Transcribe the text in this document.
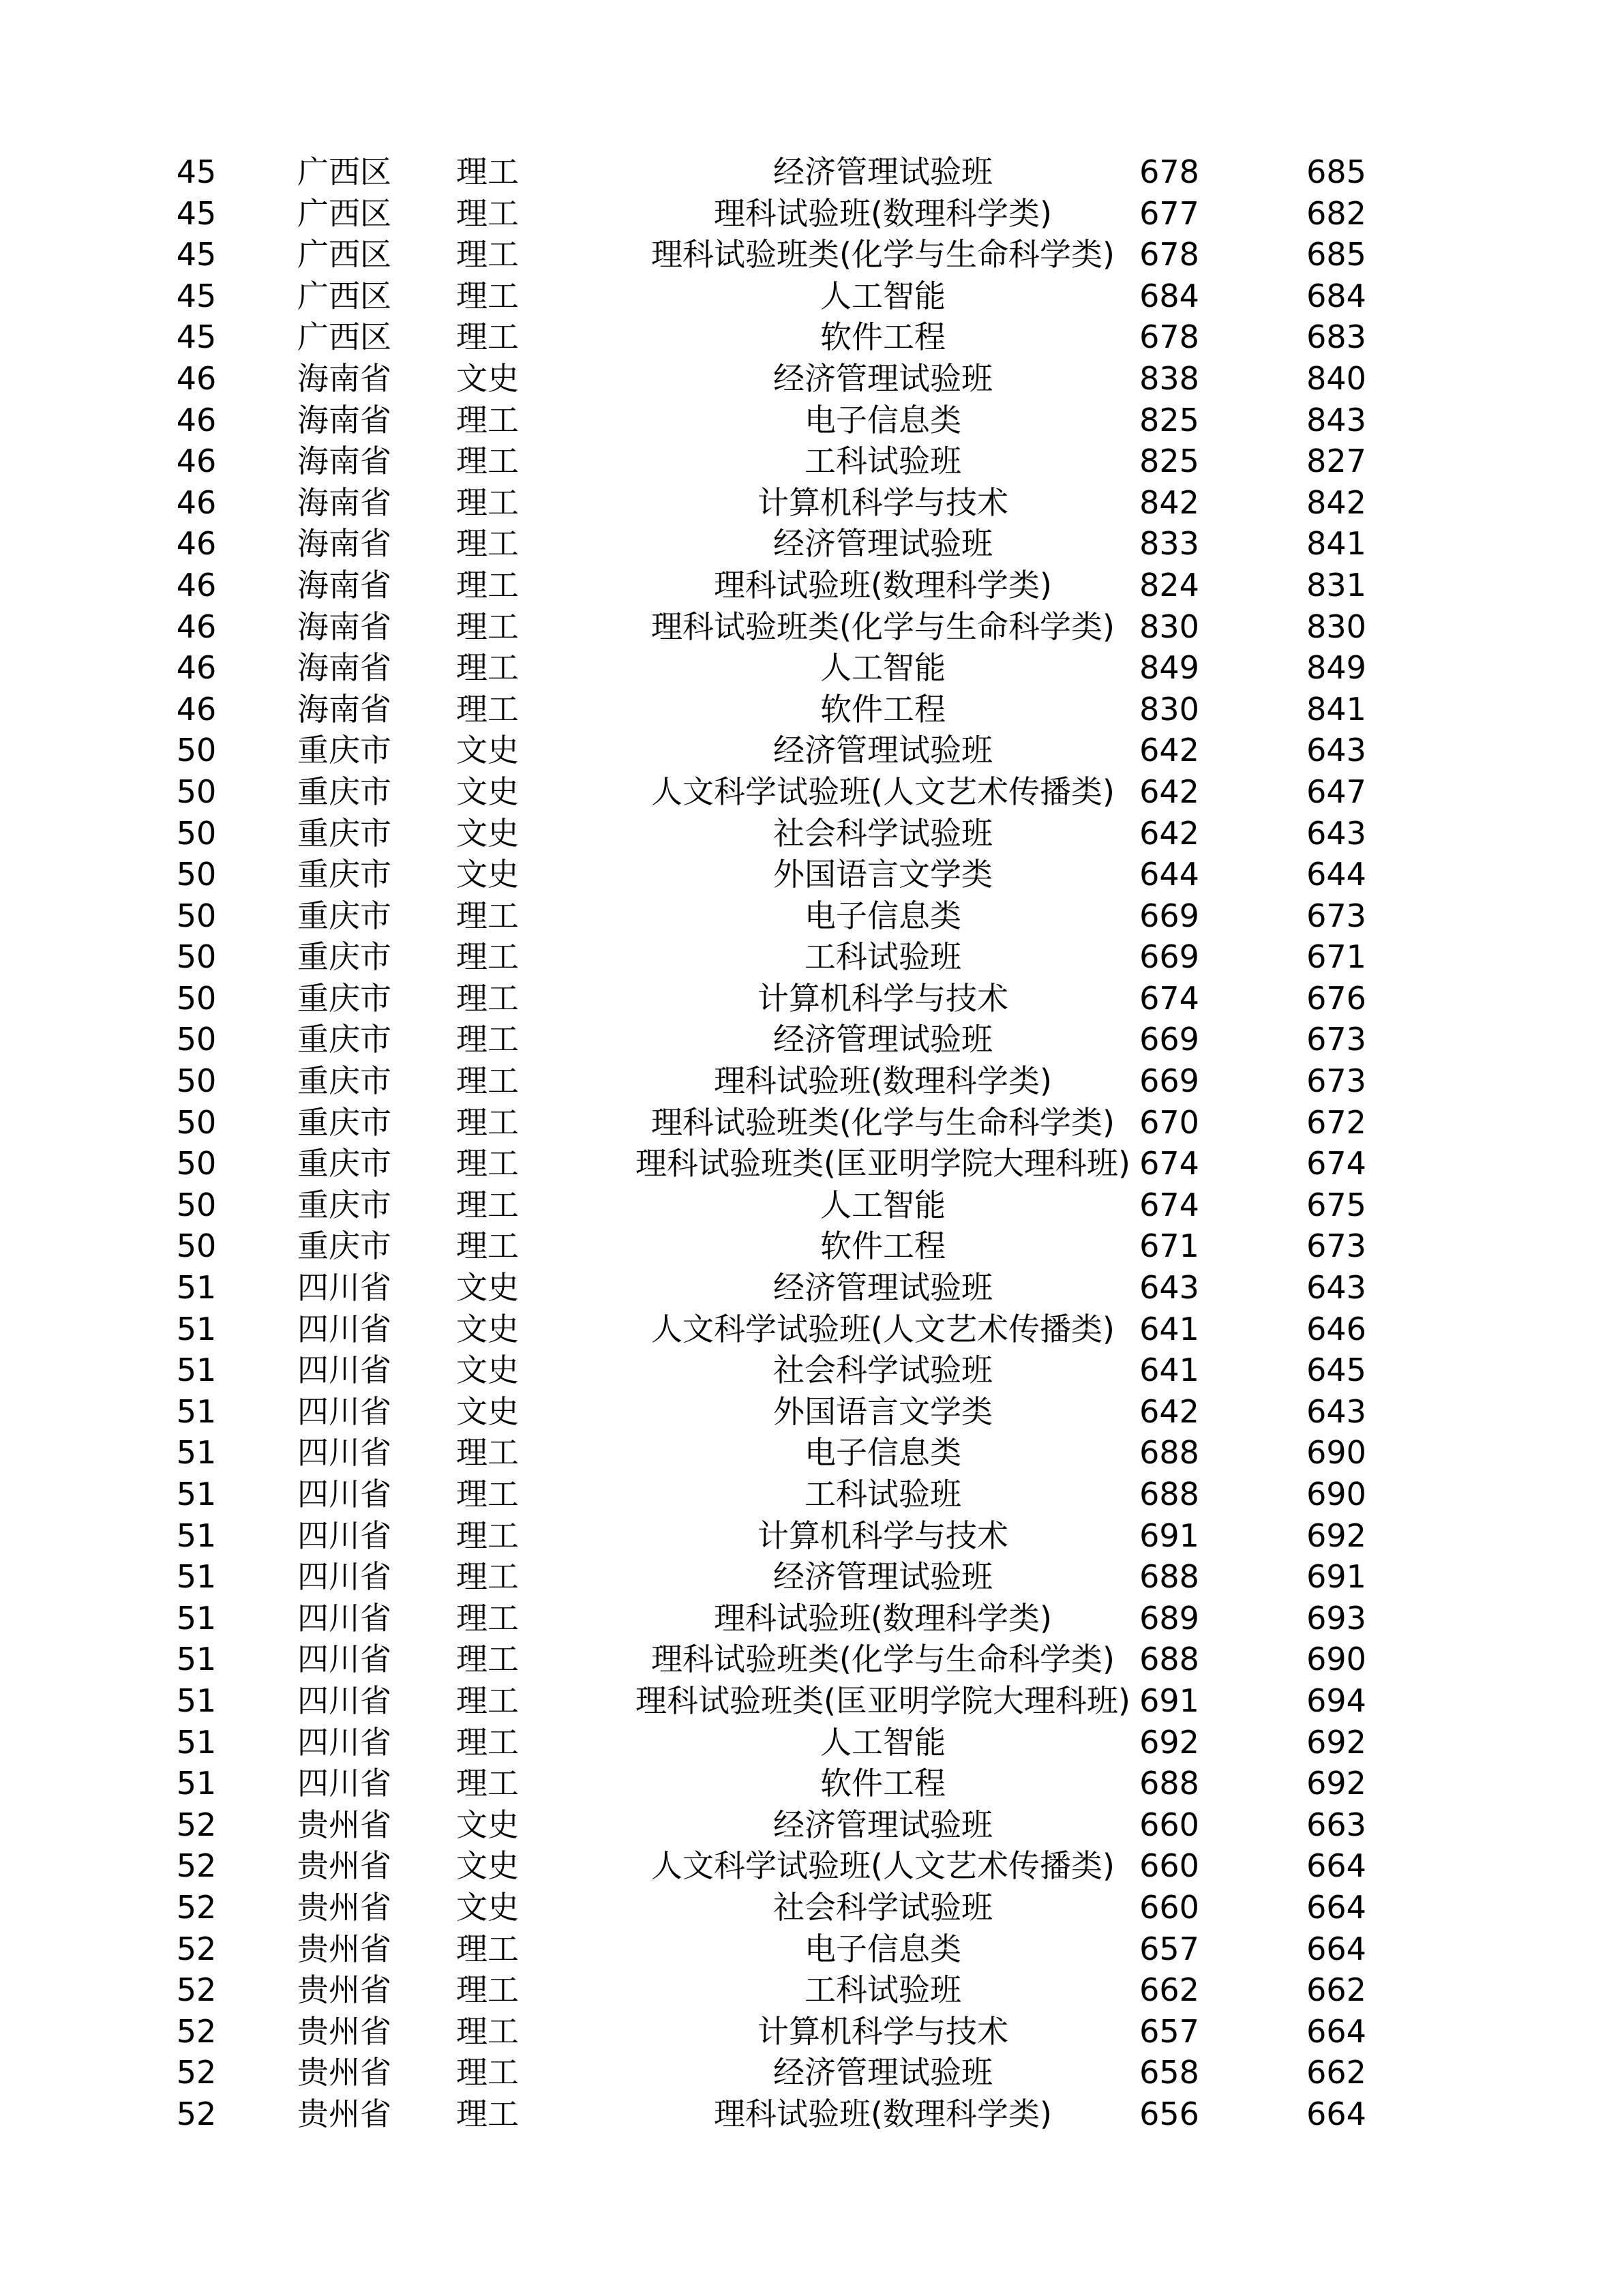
45	广西区	理工	经济管理试验班	678	685
45	广西区	理工	理科试验班(数理科学类)	677	682
45	广西区	理工	理科试验班类(化学与生命科学类) 678	685
45	广西区	理工	人工智能	684	684
45	广西区	理工	软件工程	678	683
46	海南省	文史	经济管理试验班	838	840
46	海南省	理工	电子信息类	825	843
46	海南省	理工	工科试验班	825	827
46	海南省	理工	计算机科学与技术	842	842
46	海南省	理工	经济管理试验班	833	841
46	海南省	理工	理科试验班(数理科学类)	824	831
46	海南省	理工	理科试验班类(化学与生命科学类) 830	830
46	海南省	理工	人工智能	849	849
46	海南省	理工	软件工程	830	841
50	重庆市	文史	经济管理试验班	642	643
50	重庆市	文史	人文科学试验班(人文艺术传播类) 642	647
50	重庆市	文史	社会科学试验班	642	643
50	重庆市	文史	外国语言文学类	644	644
50	重庆市	理工	电子信息类	669	673
50	重庆市	理工	工科试验班	669	671
50	重庆市	理工	计算机科学与技术	674	676
50	重庆市	理工	经济管理试验班	669	673
50	重庆市	理工	理科试验班(数理科学类)	669	673
50	重庆市	理工	理科试验班类(化学与生命科学类) 670	672
50	重庆市	理工	理科试验班类(匡亚明学院大理科班) 674	674
50	重庆市	理工	人工智能	674	675
50	重庆市	理工	软件工程	671	673
51	四川省	文史	经济管理试验班	643	643
51	四川省	文史	人文科学试验班(人文艺术传播类) 641	646
51	四川省	文史	社会科学试验班	641	645
51	四川省	文史	外国语言文学类	642	643
51	四川省	理工	电子信息类	688	690
51	四川省	理工	工科试验班	688	690
51	四川省	理工	计算机科学与技术	691	692
51	四川省	理工	经济管理试验班	688	691
51	四川省	理工	理科试验班(数理科学类)	689	693
51	四川省	理工	理科试验班类(化学与生命科学类) 688	690
51	四川省	理工	理科试验班类(匡亚明学院大理科班) 691	694
51	四川省	理工	人工智能	692	692
51	四川省	理工	软件工程	688	692
52	贵州省	文史	经济管理试验班	660	663
52	贵州省	文史	人文科学试验班(人文艺术传播类) 660	664
52	贵州省	文史	社会科学试验班	660	664
52	贵州省	理工	电子信息类	657	664
52	贵州省	理工	工科试验班	662	662
52	贵州省	理工	计算机科学与技术	657	664
52	贵州省	理工	经济管理试验班	658	662
52	贵州省	理工	理科试验班(数理科学类)	656	664
